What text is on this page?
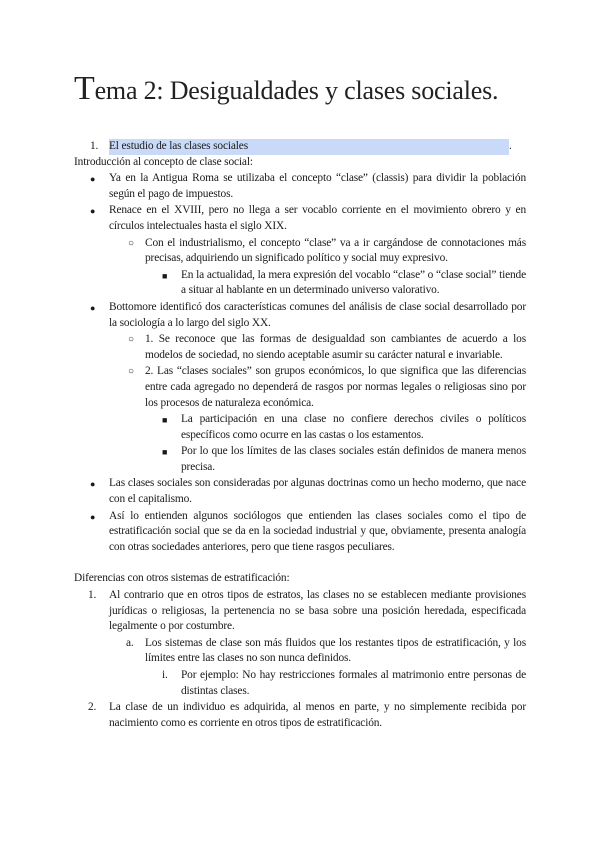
Tema 2: Desigualdades y clases sociales.
1. El estudio de las clases sociales	.

Introducción al concepto de clase social:

● Ya en la Antigua Roma se utilizaba el concepto “clase” (classis) para dividir la población según el pago de impuestos.
● Renace en el XVIII, pero no llega a ser vocablo corriente en el movimiento obrero y en círculos intelectuales hasta el siglo XIX.
○ Con el industrialismo, el concepto “clase” va a ir cargándose de connotaciones más precisas, adquiriendo un significado político y social muy expresivo.
■ En la actualidad, la mera expresión del vocablo “clase” o “clase social” tiende a situar al hablante en un determinado universo valorativo.
● Bottomore identificó dos características comunes del análisis de clase social desarrollado por la sociología a lo largo del siglo XX.
○ 1. Se reconoce que las formas de desigualdad son cambiantes de acuerdo a los modelos de sociedad, no siendo aceptable asumir su carácter natural e invariable.
○ 2. Las “clases sociales” son grupos económicos, lo que significa que las diferencias entre cada agregado no dependerá de rasgos por normas legales o religiosas sino por los procesos de naturaleza económica.
■ La participación en una clase no confiere derechos civiles o políticos específicos como ocurre en las castas o los estamentos.
■ Por lo que los límites de las clases sociales están definidos de manera menos precisa.
● Las clases sociales son consideradas por algunas doctrinas como un hecho moderno, que nace con el capitalismo.
● Así lo entienden algunos sociólogos que entienden las clases sociales como el tipo de estratificación social que se da en la sociedad industrial y que, obviamente, presenta analogía con otras sociedades anteriores, pero que tiene rasgos peculiares.

Diferencias con otros sistemas de estratificación:

1. Al contrario que en otros tipos de estratos, las clases no se establecen mediante provisiones jurídicas o religiosas, la pertenencia no se basa sobre una posición heredada, especificada legalmente o por costumbre.
a. Los sistemas de clase son más fluidos que los restantes tipos de estratificación, y los límites entre las clases no son nunca definidos.
i. Por ejemplo: No hay restricciones formales al matrimonio entre personas de distintas clases.
2. La clase de un individuo es adquirida, al menos en parte, y no simplemente recibida por nacimiento como es corriente en otros tipos de estratificación.
